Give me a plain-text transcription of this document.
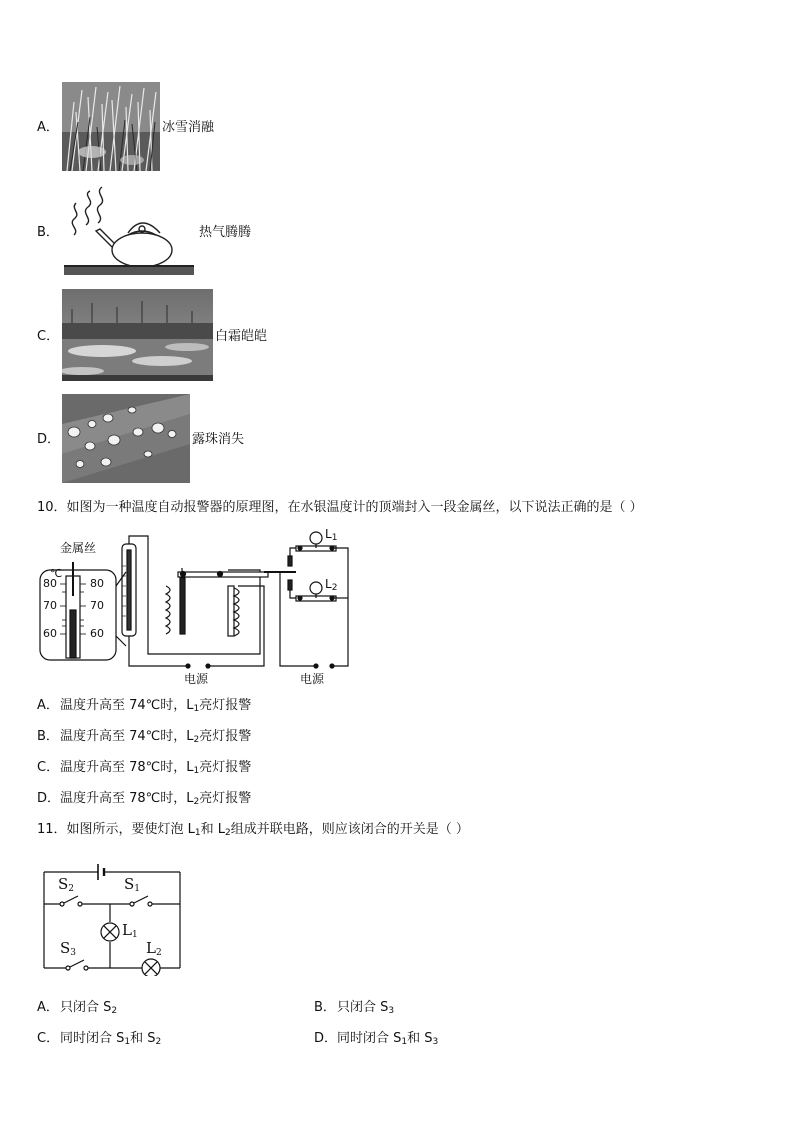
A．	冰雪消融
B．	热气腾腾
C．	白霜皑皑
D．	露珠消失
10．如图为一种温度自动报警器的原理图，在水银温度计的顶端封入一段金属丝，以下说法正确的是（ ）
金属丝
℃
80
70
60
80
70
60
电源	电源
$L_1$
$L_2$
A． 温度升高至 74℃时，$L_1$亮灯报警
B． 温度升高至 74℃时，$L_2$亮灯报警
C． 温度升高至 78℃时，$L_1$亮灯报警
D． 温度升高至 78℃时，$L_2$亮灯报警
11．如图所示，要使灯泡 $L_1$和 $L_2$组成并联电路，则应该闭合的开关是（ ）
$S_2$	$S_1$
$L_1$
$L_2$
$S_3$
A． 只闭合 $S_2$	B． 只闭合 $S_3$
C． 同时闭合 $S_1$和 $S_2$	D． 同时闭合 $S_1$和 $S_3$
